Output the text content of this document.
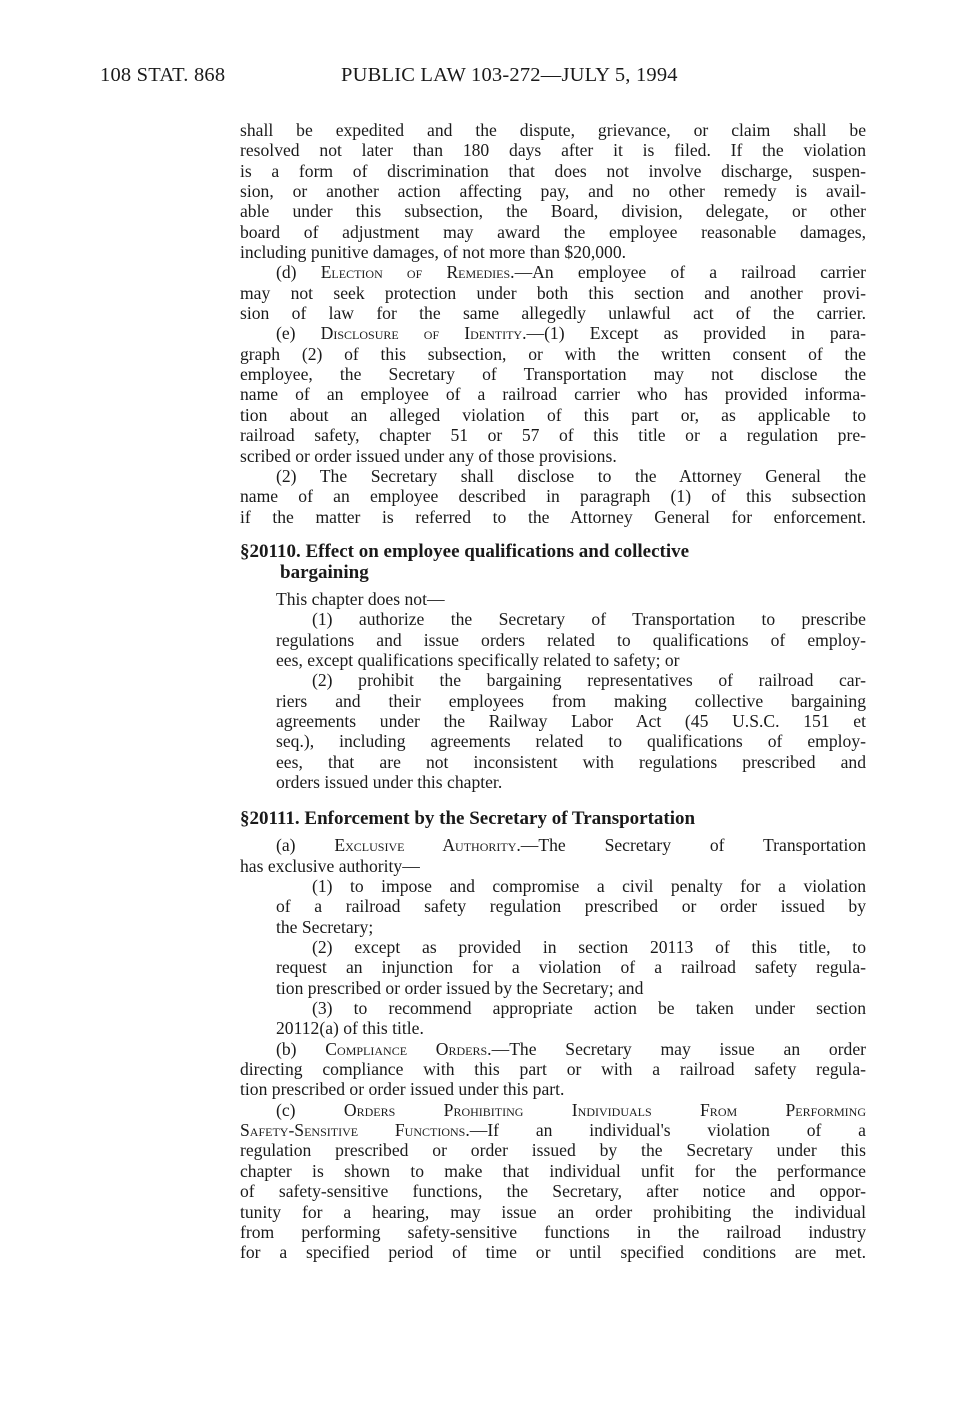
108 STAT. 868	PUBLIC LAW 103-272—JULY 5, 1994
shall be expedited and the dispute, grievance, or claim shall be
resolved not later than 180 days after it is filed. If the violation
is a form of discrimination that does not involve discharge, suspen-
sion, or another action affecting pay, and no other remedy is avail-
able under this subsection, the Board, division, delegate, or other
board of adjustment may award the employee reasonable damages,
including punitive damages, of not more than $20,000.
(d) Election of Remedies.—An employee of a railroad carrier
may not seek protection under both this section and another provi-
sion of law for the same allegedly unlawful act of the carrier.
(e) Disclosure of Identity.—(1) Except as provided in para-
graph (2) of this subsection, or with the written consent of the
employee, the Secretary of Transportation may not disclose the
name of an employee of a railroad carrier who has provided informa-
tion about an alleged violation of this part or, as applicable to
railroad safety, chapter 51 or 57 of this title or a regulation pre-
scribed or order issued under any of those provisions.
(2) The Secretary shall disclose to the Attorney General the
name of an employee described in paragraph (1) of this subsection
if the matter is referred to the Attorney General for enforcement.
§20110. Effect on employee qualifications and collective
bargaining
This chapter does not—
(1) authorize the Secretary of Transportation to prescribe
regulations and issue orders related to qualifications of employ-
ees, except qualifications specifically related to safety; or
(2) prohibit the bargaining representatives of railroad car-
riers and their employees from making collective bargaining
agreements under the Railway Labor Act (45 U.S.C. 151 et
seq.), including agreements related to qualifications of employ-
ees, that are not inconsistent with regulations prescribed and
orders issued under this chapter.
§20111. Enforcement by the Secretary of Transportation
(a) Exclusive Authority.—The Secretary of Transportation
has exclusive authority—
(1) to impose and compromise a civil penalty for a violation
of a railroad safety regulation prescribed or order issued by
the Secretary;
(2) except as provided in section 20113 of this title, to
request an injunction for a violation of a railroad safety regula-
tion prescribed or order issued by the Secretary; and
(3) to recommend appropriate action be taken under section
20112(a) of this title.
(b) Compliance Orders.—The Secretary may issue an order
directing compliance with this part or with a railroad safety regula-
tion prescribed or order issued under this part.
(c) Orders Prohibiting Individuals From Performing
Safety-Sensitive Functions.—If an individual's violation of a
regulation prescribed or order issued by the Secretary under this
chapter is shown to make that individual unfit for the performance
of safety-sensitive functions, the Secretary, after notice and oppor-
tunity for a hearing, may issue an order prohibiting the individual
from performing safety-sensitive functions in the railroad industry
for a specified period of time or until specified conditions are met.
